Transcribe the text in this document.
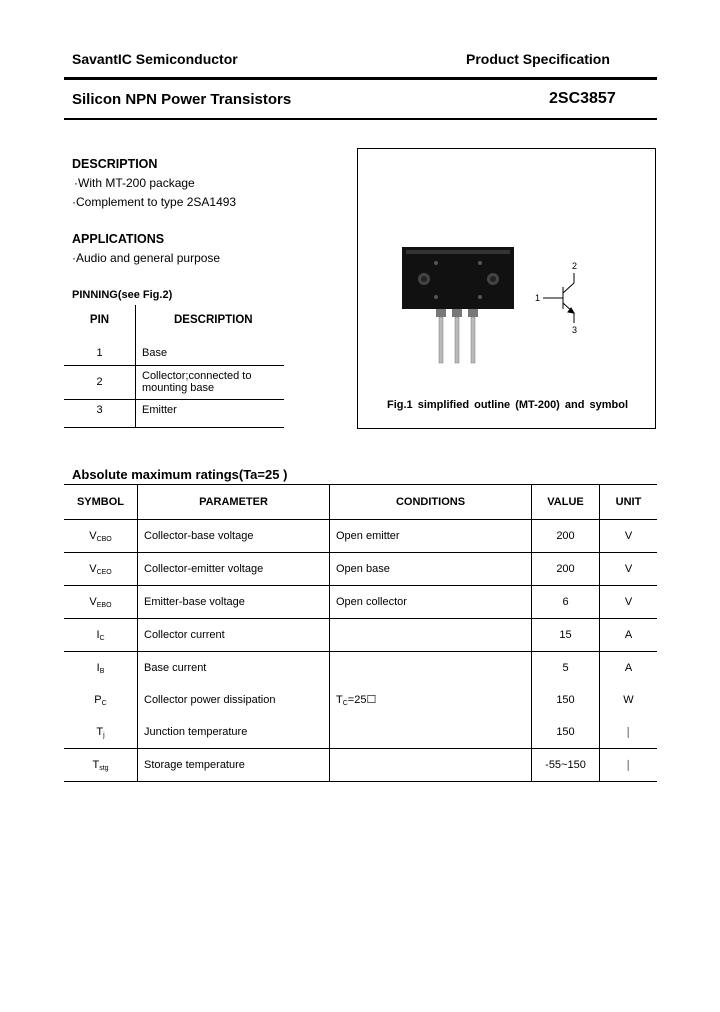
SavantIC Semiconductor	Product Specification
Silicon NPN Power Transistors	2SC3857
DESCRIPTION
·With MT-200 package
·Complement to type 2SA1493
APPLICATIONS
·Audio and general purpose
PINNING(see Fig.2)
PIN	DESCRIPTION
1	Base
2	Collector;connected to
mounting base
3	Emitter
1
2
3
Fig.1 simplified outline (MT-200) and symbol
Absolute maximum ratings(Ta=25 )
SYMBOL	PARAMETER	CONDITIONS	VALUE	UNIT
$V_{CBO}$	Collector-base voltage	Open emitter	200	V
$V_{CEO}$	Collector-emitter voltage	Open base	200	V
$V_{EBO}$	Emitter-base voltage	Open collector	6	V
$I_C$	Collector current		15	A
$I_B$	Base current		5	A
$P_C$	Collector power dissipation	$T_C=25☐$	150	W
$T_j$	Junction temperature		150	│
$T_{stg}$	Storage temperature		-55~150	│
